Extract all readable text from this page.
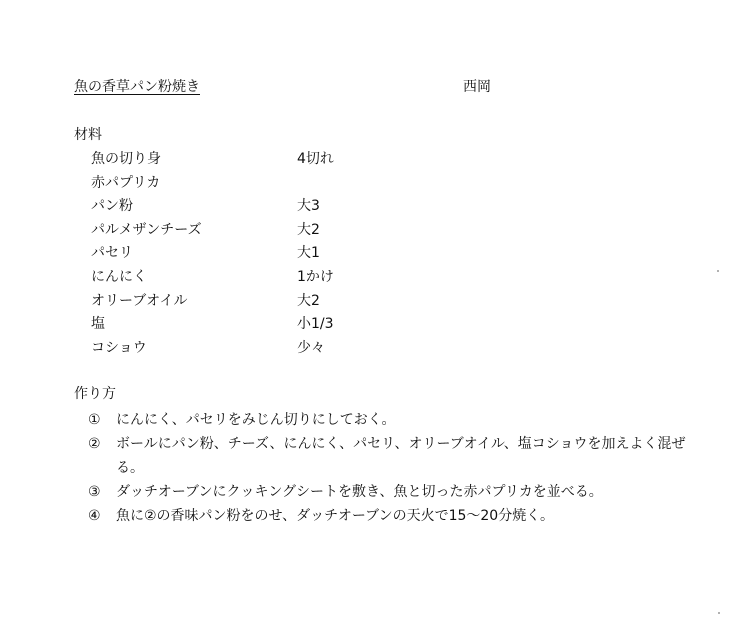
魚の香草パン粉焼き	西岡
材料
魚の切り身	4切れ
赤パプリカ
パン粉	大3
パルメザンチーズ	大2
パセリ	大1
にんにく	1かけ
オリーブオイル	大2
塩	小1/3
コショウ	少々
作り方
①	にんにく、パセリをみじん切りにしておく。
②	ボールにパン粉、チーズ、にんにく、パセリ、オリーブオイル、塩コショウを加えよく混ぜる。
③	ダッチオーブンにクッキングシートを敷き、魚と切った赤パプリカを並べる。
④	魚に②の香味パン粉をのせ、ダッチオーブンの天火で15～20分焼く。
